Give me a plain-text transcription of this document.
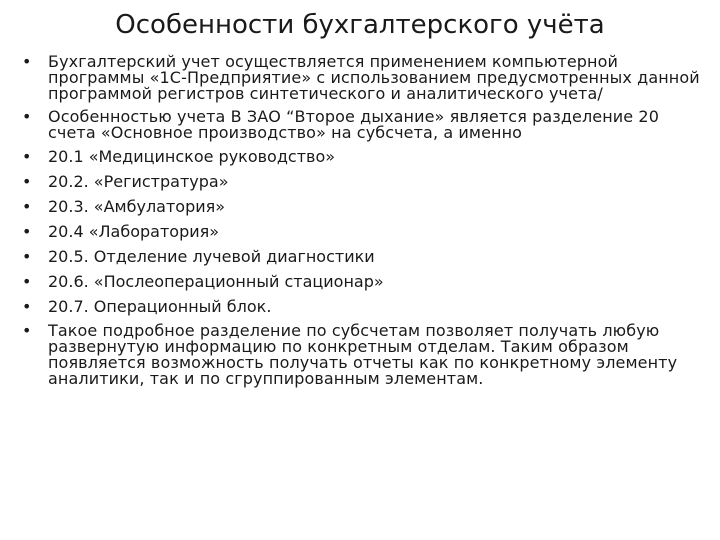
Особенности бухгалтерского учёта
• Бухгалтерский учет осуществляется применением компьютерной программы «1С-Предприятие» с использованием предусмотренных данной программой регистров синтетического и аналитического учета/
• Особенностью учета В ЗАО “Второе дыхание» является разделение 20 счета «Основное производство» на субсчета, а именно
• 20.1 «Медицинское руководство»
• 20.2. «Регистратура»
• 20.3. «Амбулатория»
• 20.4 «Лаборатория»
• 20.5. Отделение лучевой диагностики
• 20.6. «Послеоперационный стационар»
• 20.7. Операционный блок.
• Такое подробное разделение по субсчетам позволяет получать любую развернутую информацию по конкретным отделам. Таким образом появляется возможность получать отчеты как по конкретному элементу аналитики, так и по сгруппированным элементам.
